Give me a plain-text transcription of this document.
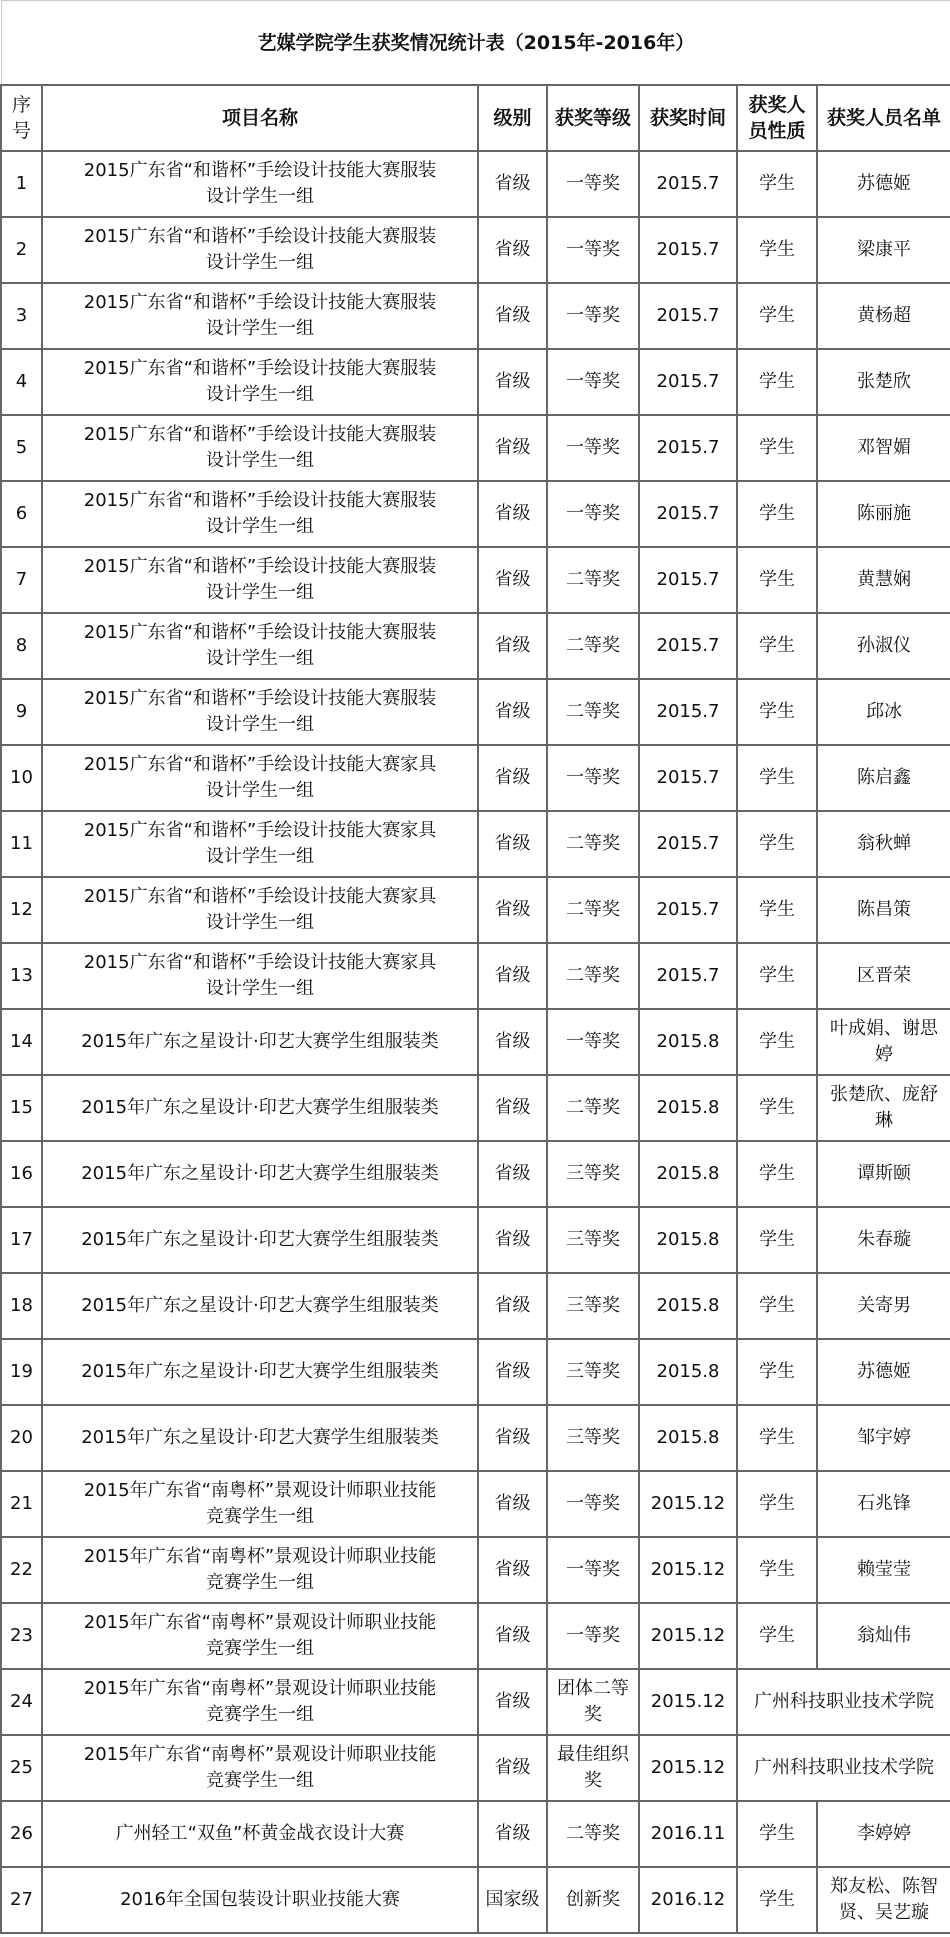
艺媒学院学生获奖情况统计表（2015年-2016年）						
序
号	项目名称	级别	获奖等级	获奖时间	获奖人
员性质	获奖人员名单
1	2015广东省“和谐杯”手绘设计技能大赛服装
设计学生一组	省级	一等奖	2015.7	学生	苏德姬
2	2015广东省“和谐杯”手绘设计技能大赛服装
设计学生一组	省级	一等奖	2015.7	学生	梁康平
3	2015广东省“和谐杯”手绘设计技能大赛服装
设计学生一组	省级	一等奖	2015.7	学生	黄杨超
4	2015广东省“和谐杯”手绘设计技能大赛服装
设计学生一组	省级	一等奖	2015.7	学生	张楚欣
5	2015广东省“和谐杯”手绘设计技能大赛服装
设计学生一组	省级	一等奖	2015.7	学生	邓智媚
6	2015广东省“和谐杯”手绘设计技能大赛服装
设计学生一组	省级	一等奖	2015.7	学生	陈丽施
7	2015广东省“和谐杯”手绘设计技能大赛服装
设计学生一组	省级	二等奖	2015.7	学生	黄慧娴
8	2015广东省“和谐杯”手绘设计技能大赛服装
设计学生一组	省级	二等奖	2015.7	学生	孙淑仪
9	2015广东省“和谐杯”手绘设计技能大赛服装
设计学生一组	省级	二等奖	2015.7	学生	邱冰
10	2015广东省“和谐杯”手绘设计技能大赛家具
设计学生一组	省级	一等奖	2015.7	学生	陈启鑫
11	2015广东省“和谐杯”手绘设计技能大赛家具
设计学生一组	省级	二等奖	2015.7	学生	翁秋蝉
12	2015广东省“和谐杯”手绘设计技能大赛家具
设计学生一组	省级	二等奖	2015.7	学生	陈昌策
13	2015广东省“和谐杯”手绘设计技能大赛家具
设计学生一组	省级	二等奖	2015.7	学生	区晋荣
14	2015年广东之星设计·印艺大赛学生组服装类	省级	一等奖	2015.8	学生	叶成娟、谢思
婷
15	2015年广东之星设计·印艺大赛学生组服装类	省级	二等奖	2015.8	学生	张楚欣、庞舒
琳
16	2015年广东之星设计·印艺大赛学生组服装类	省级	三等奖	2015.8	学生	谭斯颐
17	2015年广东之星设计·印艺大赛学生组服装类	省级	三等奖	2015.8	学生	朱春璇
18	2015年广东之星设计·印艺大赛学生组服装类	省级	三等奖	2015.8	学生	关寄男
19	2015年广东之星设计·印艺大赛学生组服装类	省级	三等奖	2015.8	学生	苏德姬
20	2015年广东之星设计·印艺大赛学生组服装类	省级	三等奖	2015.8	学生	邹宇婷
21	2015年广东省“南粤杯”景观设计师职业技能
竞赛学生一组	省级	一等奖	2015.12	学生	石兆锋
22	2015年广东省“南粤杯”景观设计师职业技能
竞赛学生一组	省级	一等奖	2015.12	学生	赖莹莹
23	2015年广东省“南粤杯”景观设计师职业技能
竞赛学生一组	省级	一等奖	2015.12	学生	翁灿伟
24	2015年广东省“南粤杯”景观设计师职业技能
竞赛学生一组	省级	团体二等
奖	2015.12	广州科技职业技术学院	
25	2015年广东省“南粤杯”景观设计师职业技能
竞赛学生一组	省级	最佳组织
奖	2015.12	广州科技职业技术学院	
26	广州轻工“双鱼”杯黄金战衣设计大赛	省级	二等奖	2016.11	学生	李婷婷
27	2016年全国包装设计职业技能大赛	国家级	创新奖	2016.12	学生	郑友松、陈智
贤、吴艺璇
